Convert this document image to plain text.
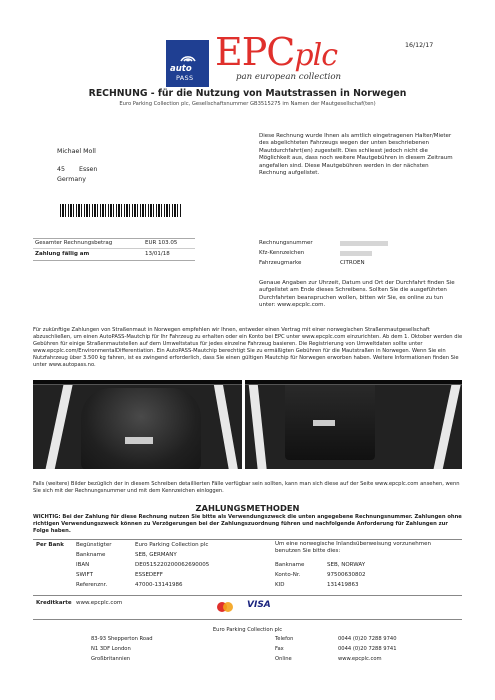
auto
PASS
EPCplc
pan european collection
16/12/17
RECHNUNG - für die Nutzung von Mautstrassen in Norwegen
Euro Parking Collection plc, Gesellschaftsnummer GB3515275 im Namen der Mautgesellschaf(ten)
Michael Moll
45 Essen
Germany
Diese Rechnung wurde Ihnen als amtlich eingetragenen Halter/Mieter des abgelichteten Fahrzeugs wegen der unten beschriebenen Mautdurchfahrt(en) zugestellt. Dies schliesst jedoch nicht die Möglichkeit aus, dass noch weitere Mautgebühren in diesem Zeitraum angefallen sind. Diese Mautgebühren werden in der nächsten Rechnung aufgelistet.
Gesamter Rechnungsbetrag	EUR 103.05
Zahlung fällig am	13/01/18
Rechnungsnummer
Kfz-Kennzeichen
Fahrzeugmarke	CITROEN
Genaue Angaben zur Uhrzeit, Datum und Ort der Durchfahrt finden Sie aufgelistet am Ende dieses Schreibens. Sollten Sie die ausgeführten Durchfahrten beanspruchen wollen, bitten wir Sie, es online zu tun unter: www.epcplc.com.
Für zukünftige Zahlungen von Straßenmaut in Norwegen empfehlen wir Ihnen, entweder einen Vertrag mit einer norwegischen Straßenmautgesellschaft abzuschließen, um einen AutoPASS-Mautchip für Ihr Fahrzeug zu erhalten oder ein Konto bei EPC unter www.epcplc.com einzurichten. Ab dem 1. Oktober werden die Gebühren für einige Straßenmautstellen auf dem Umweltstatus für jedes einzelne Fahrzeug basieren. Die Registrierung von Umweltdaten sollte unter www.epcplc.com/EnvironmentalDifferentiation. Ein AutoPASS-Mautchip berechtigt Sie zu ermäßigten Gebühren für die Mautstraßen in Norwegen. Wenn Sie ein Nutzfahrzeug über 3.500 kg fahren, ist es zwingend erforderlich, dass Sie einen gültigen Mautchip für Norwegen erworben haben. Weitere Informationen finden Sie unter www.autopass.no.
Falls (weitere) Bilder bezüglich der in diesem Schreiben detaillierten Fälle verfügbar sein sollten, kann man sich diese auf der Seite www.epcplc.com ansehen, wenn Sie sich mit der Rechnungsnummer und mit dem Kennzeichen einloggen.
ZAHLUNGSMETHODEN
WICHTIG: Bei der Zahlung für diese Rechnung nutzen Sie bitte als Verwendungszweck die unten angegebene Rechnungsnummer. Zahlungen ohne richtigen Verwendungszweck können zu Verzögerungen bei der Zahlungszuordnung führen und nachfolgende Anforderung für Zahlungen zur Folge haben.
Per Bank Begünstigter	Euro Parking Collection plc
Bankname	SEB, GERMANY
IBAN	DE0515220200062690005
SWIFT	ESSEDEFF
Referenznr.	47000-13141986
Um eine norwegische Inlandsüberweisung vorzunehmen benutzen Sie bitte dies:
Bankname	SEB, NORWAY
Konto-Nr.	97500630802
KID	131419863
Kreditkarte www.epcplc.com	VISA
Euro Parking Collection plc
83-93 Shepperton Road
N1 3DF London
Großbritannien
Telefon	0044 (0)20 7288 9740
Fax	0044 (0)20 7288 9741
Online	www.epcplc.com
